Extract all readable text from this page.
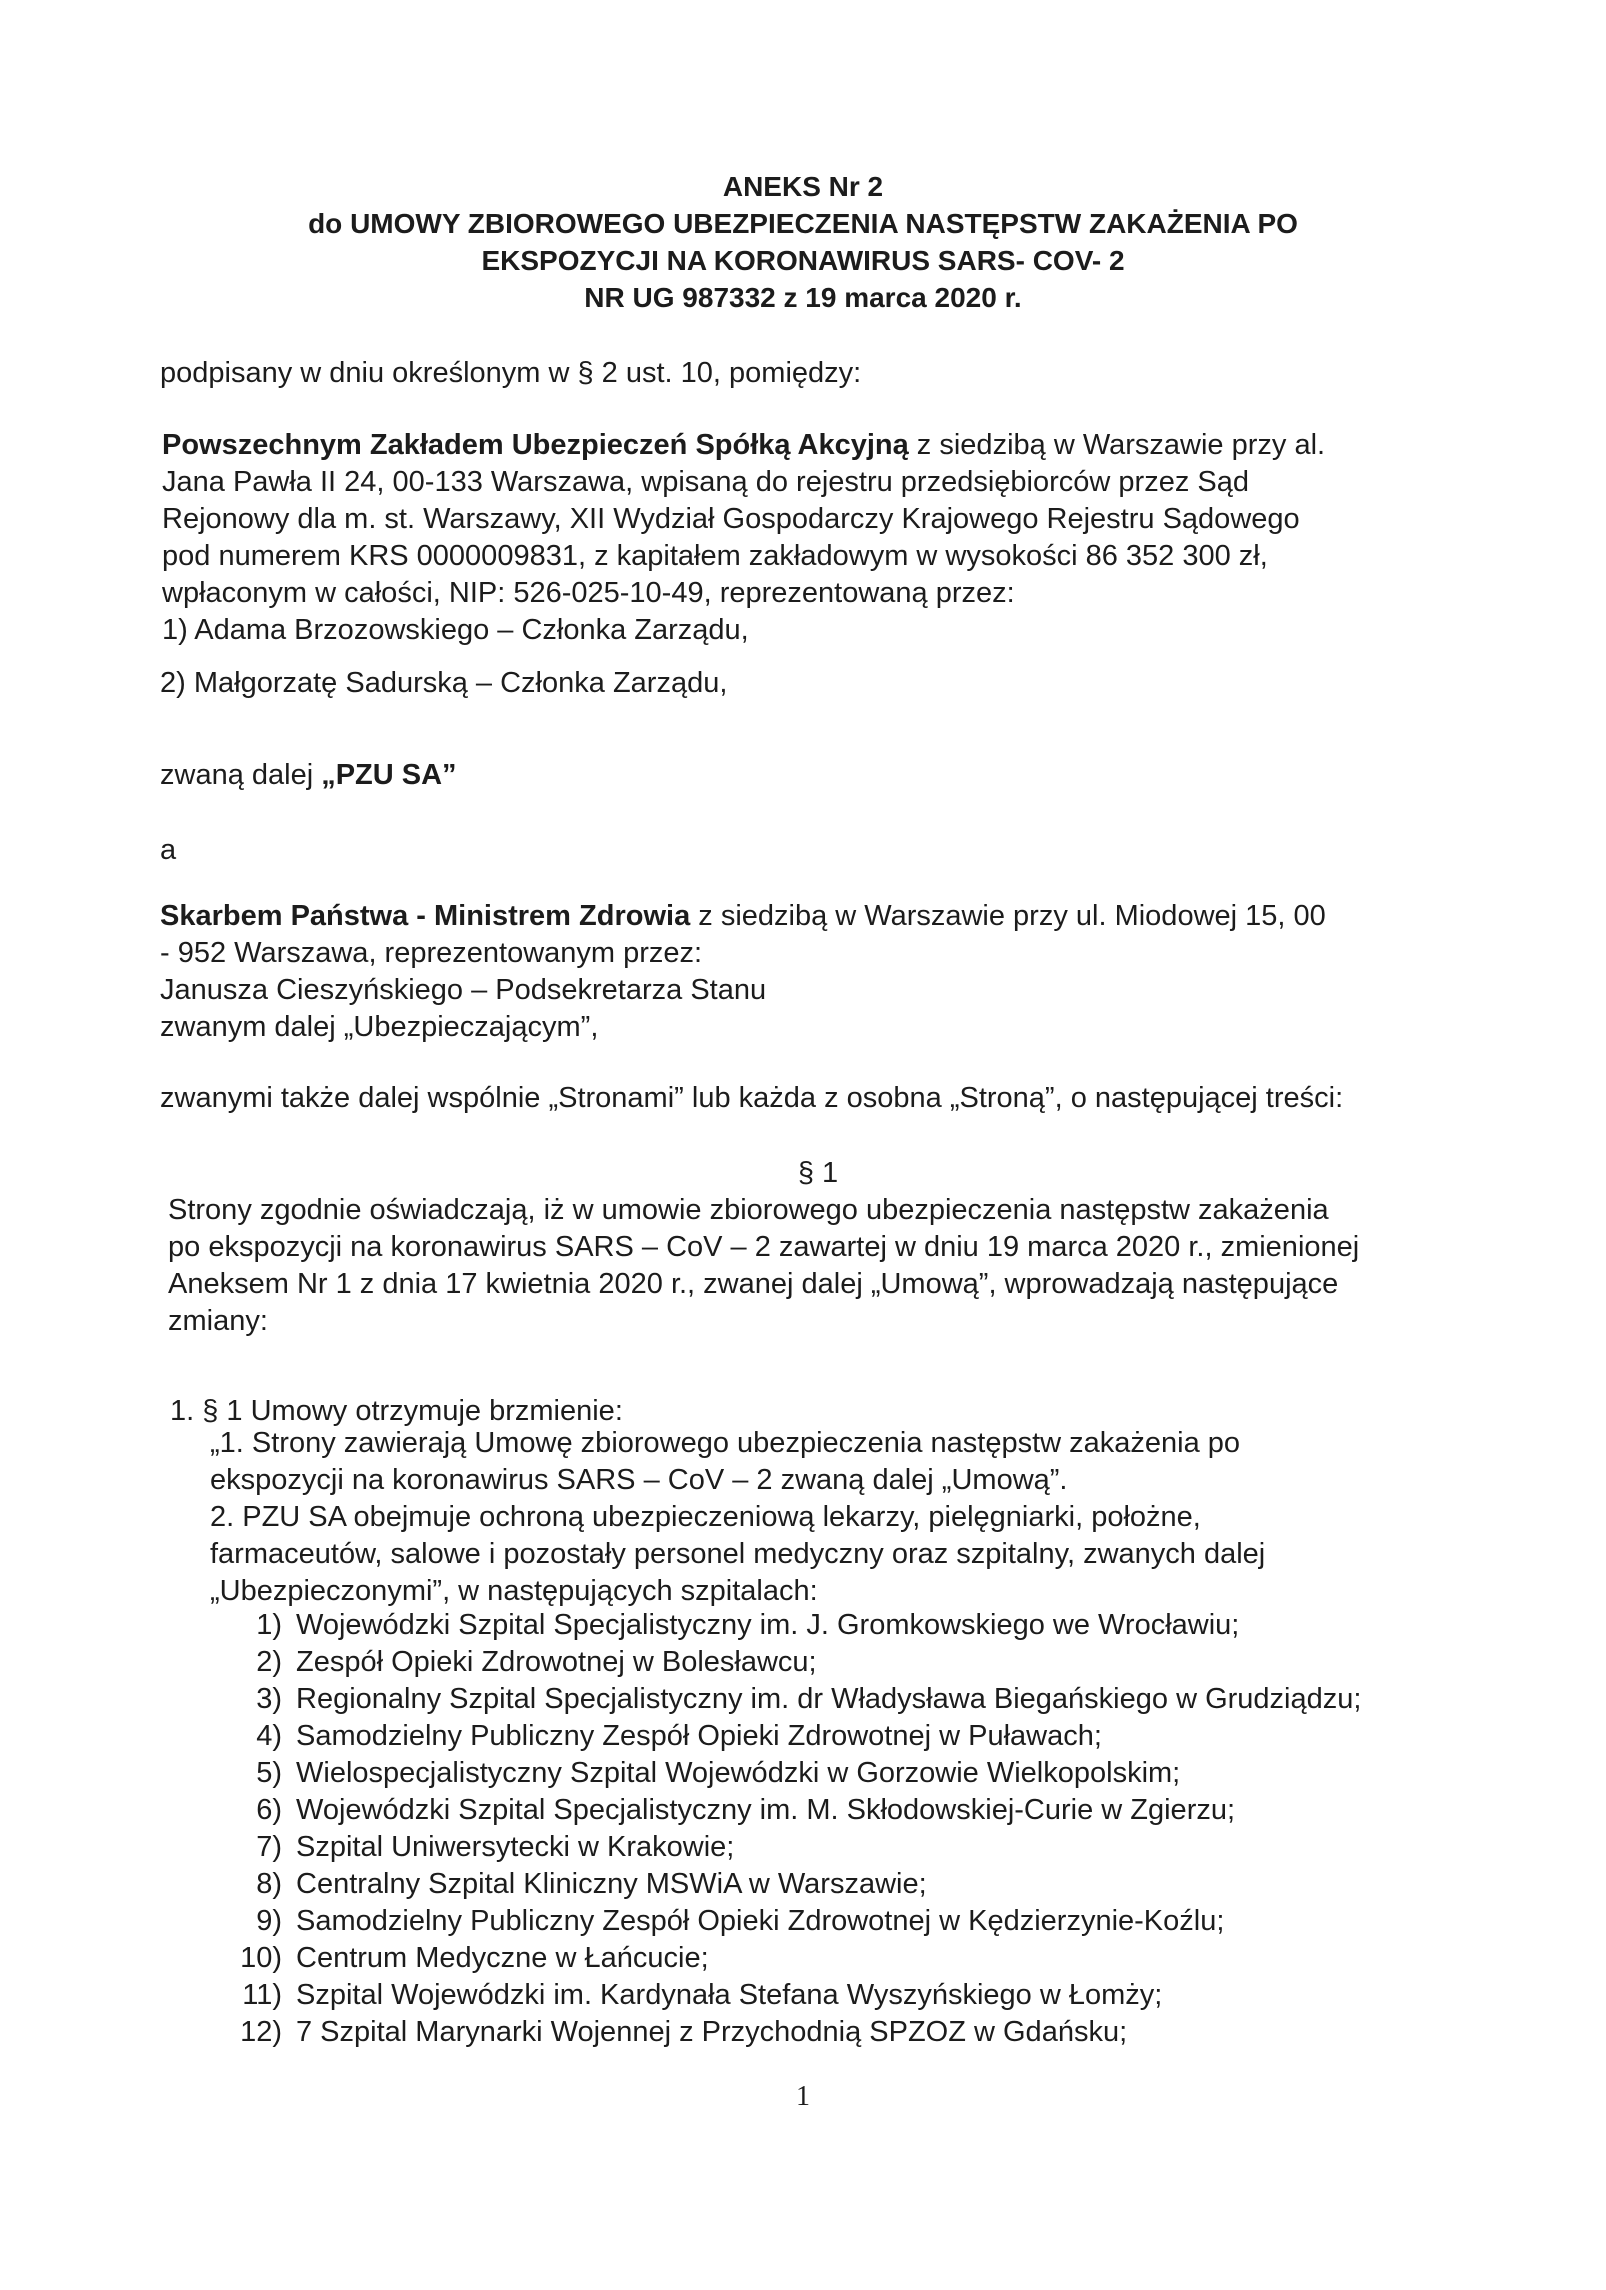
ANEKS Nr 2
do UMOWY ZBIOROWEGO UBEZPIECZENIA NASTĘPSTW ZAKAŻENIA PO
EKSPOZYCJI NA KORONAWIRUS SARS- COV- 2
NR UG 987332 z 19 marca 2020 r.
podpisany w dniu określonym w § 2 ust. 10, pomiędzy:
Powszechnym Zakładem Ubezpieczeń Spółką Akcyjną z siedzibą w Warszawie przy al.
Jana Pawła II 24, 00-133 Warszawa, wpisaną do rejestru przedsiębiorców przez Sąd
Rejonowy dla m. st. Warszawy, XII Wydział Gospodarczy Krajowego Rejestru Sądowego
pod numerem KRS 0000009831, z kapitałem zakładowym w wysokości 86 352 300 zł,
wpłaconym w całości, NIP: 526-025-10-49, reprezentowaną przez:
1) Adama Brzozowskiego – Członka Zarządu,
2) Małgorzatę Sadurską – Członka Zarządu,
zwaną dalej „PZU SA”
a
Skarbem Państwa - Ministrem Zdrowia z siedzibą w Warszawie przy ul. Miodowej 15, 00
- 952 Warszawa, reprezentowanym przez:
Janusza Cieszyńskiego – Podsekretarza Stanu
zwanym dalej „Ubezpieczającym”,
zwanymi także dalej wspólnie „Stronami” lub każda z osobna „Stroną”, o następującej treści:
§ 1
Strony zgodnie oświadczają, iż w umowie zbiorowego ubezpieczenia następstw zakażenia
po ekspozycji na koronawirus SARS – CoV – 2 zawartej w dniu 19 marca 2020 r., zmienionej
Aneksem Nr 1 z dnia 17 kwietnia 2020 r., zwanej dalej „Umową”, wprowadzają następujące
zmiany:
1. § 1 Umowy otrzymuje brzmienie:
„1. Strony zawierają Umowę zbiorowego ubezpieczenia następstw zakażenia po
ekspozycji na koronawirus SARS – CoV – 2 zwaną dalej „Umową”.
2. PZU SA obejmuje ochroną ubezpieczeniową lekarzy, pielęgniarki, położne,
farmaceutów, salowe i pozostały personel medyczny oraz szpitalny, zwanych dalej
„Ubezpieczonymi”, w następujących szpitalach:
1) Wojewódzki Szpital Specjalistyczny im. J. Gromkowskiego we Wrocławiu;
2) Zespół Opieki Zdrowotnej w Bolesławcu;
3) Regionalny Szpital Specjalistyczny im. dr Władysława Biegańskiego w Grudziądzu;
4) Samodzielny Publiczny Zespół Opieki Zdrowotnej w Puławach;
5) Wielospecjalistyczny Szpital Wojewódzki w Gorzowie Wielkopolskim;
6) Wojewódzki Szpital Specjalistyczny im. M. Skłodowskiej-Curie w Zgierzu;
7) Szpital Uniwersytecki w Krakowie;
8) Centralny Szpital Kliniczny MSWiA w Warszawie;
9) Samodzielny Publiczny Zespół Opieki Zdrowotnej w Kędzierzynie-Koźlu;
10) Centrum Medyczne w Łańcucie;
11) Szpital Wojewódzki im. Kardynała Stefana Wyszyńskiego w Łomży;
12) 7 Szpital Marynarki Wojennej z Przychodnią SPZOZ w Gdańsku;
1
